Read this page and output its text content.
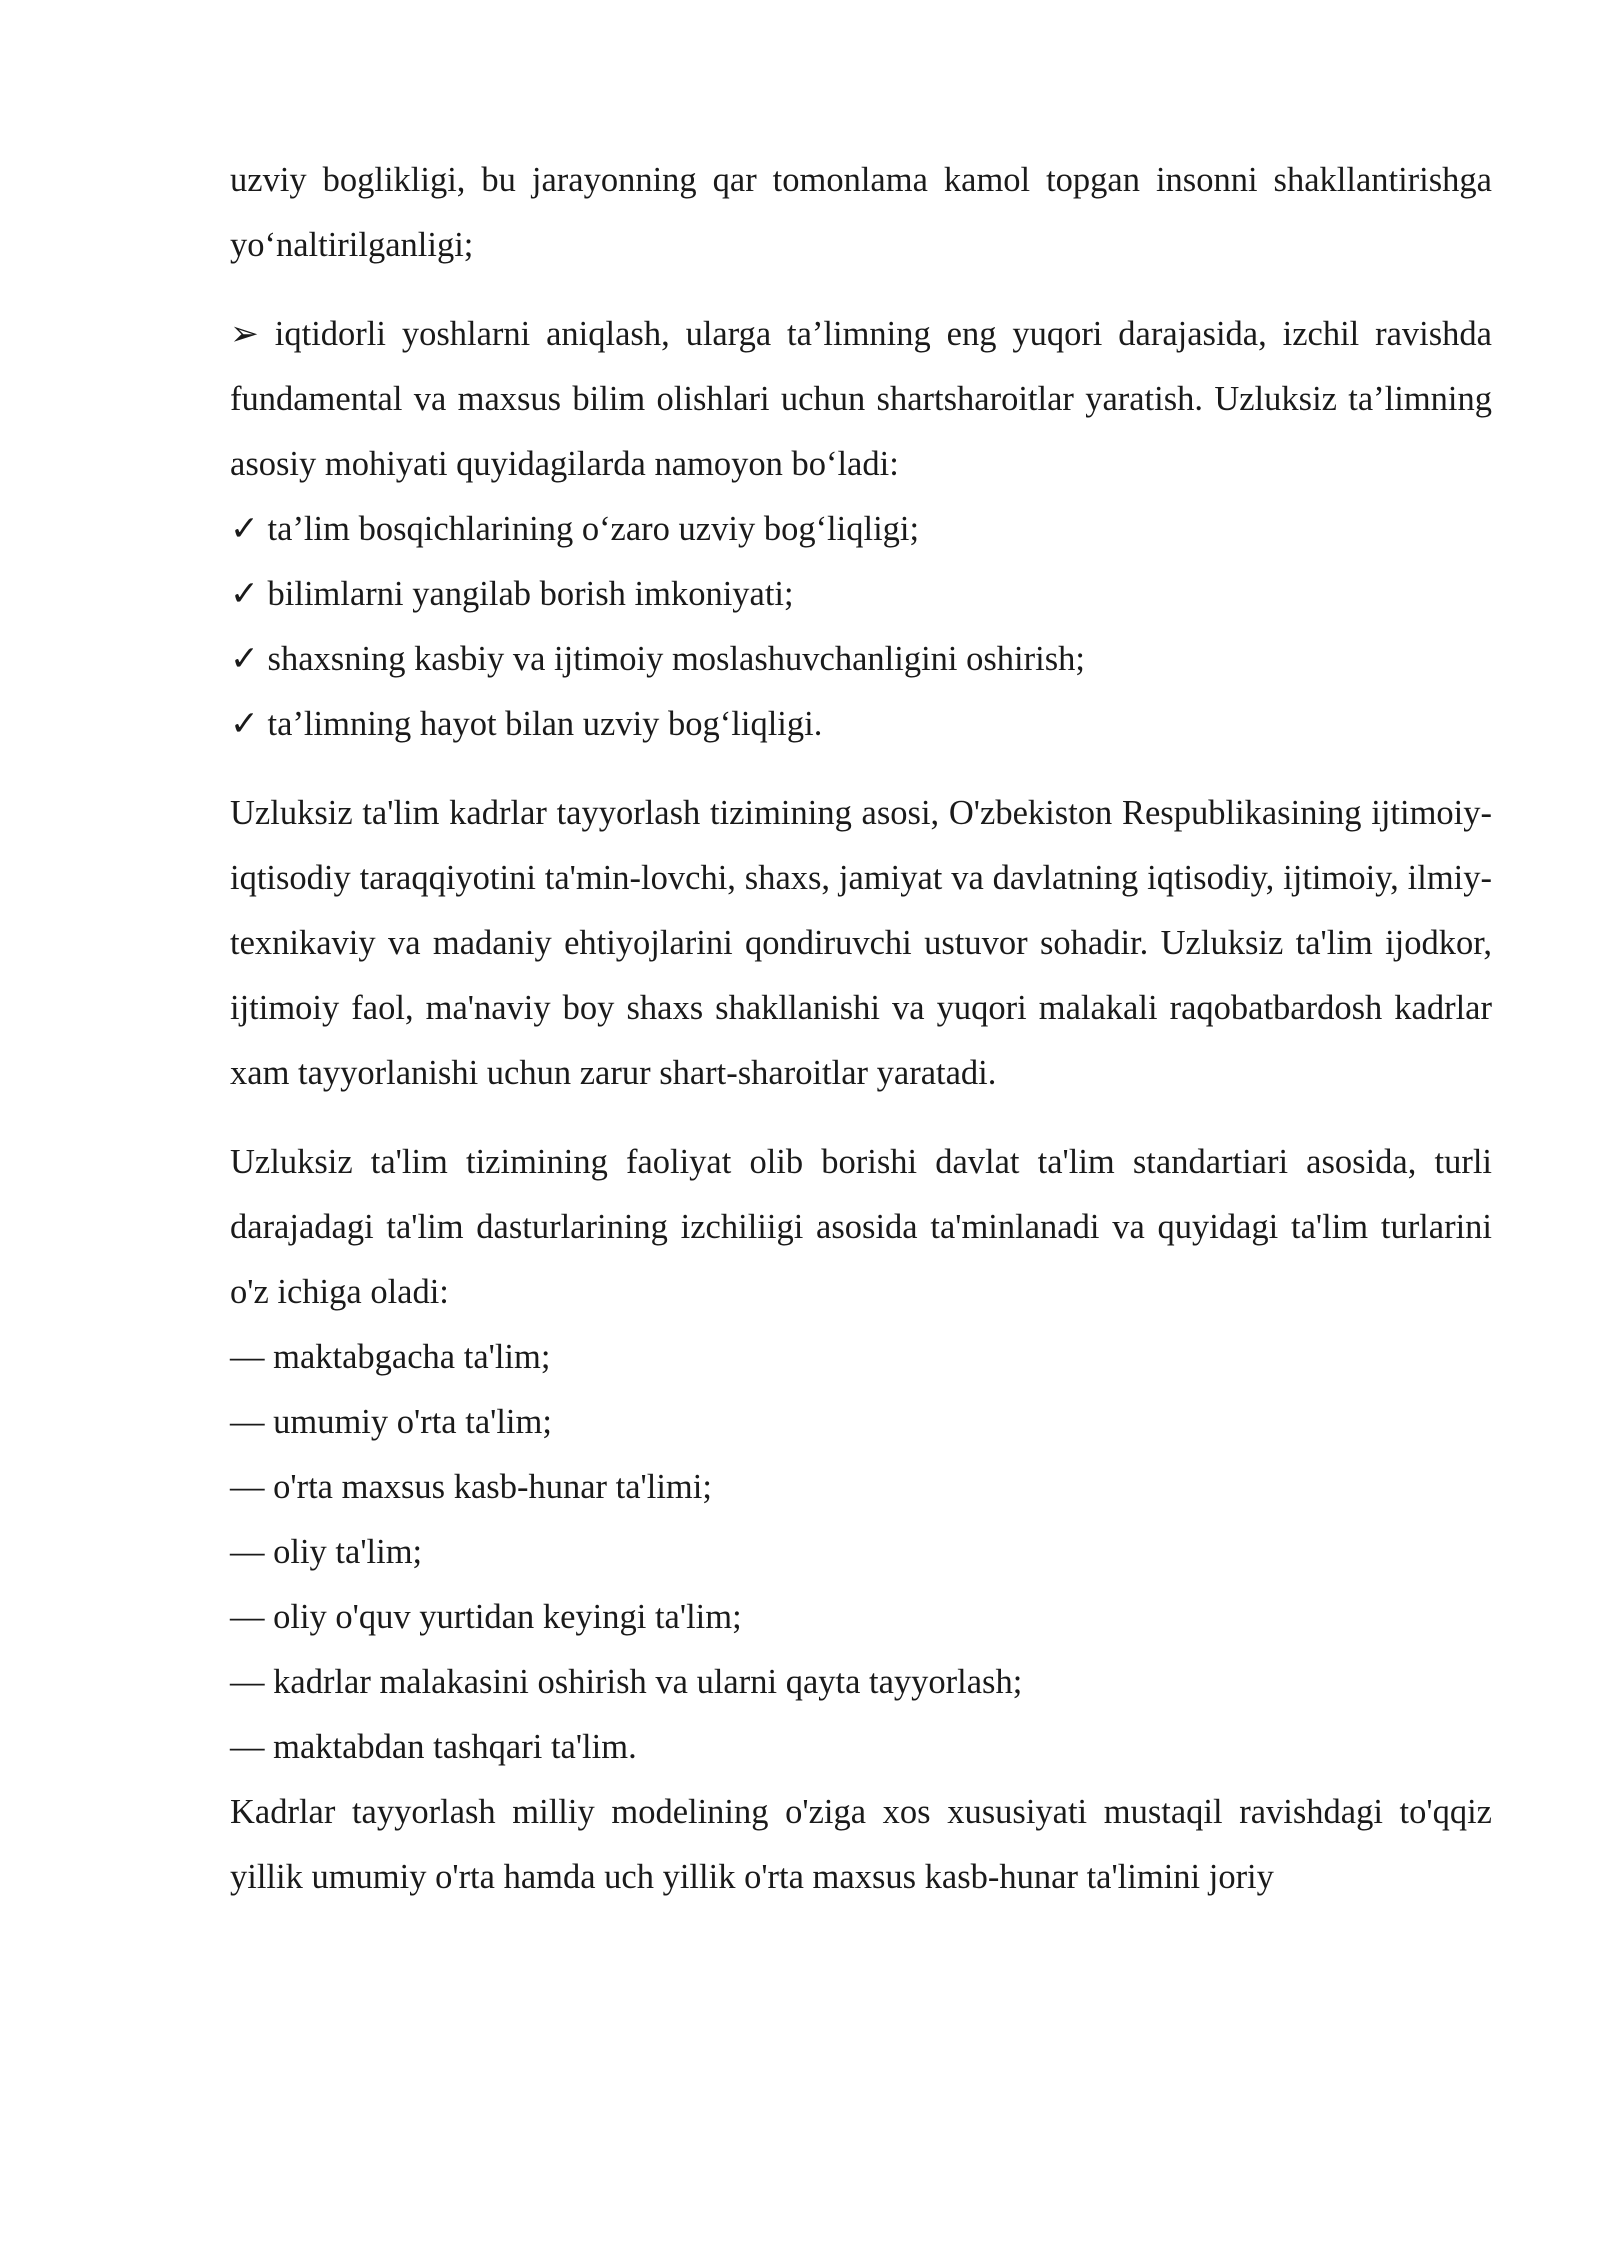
uzviy boglikligi, bu jarayonning qar tomonlama kamol topgan insonni shakllantirishga yo‘naltirilganligi;

➢ iqtidorli yoshlarni aniqlash, ularga ta’limning eng yuqori darajasida, izchil ravishda fundamental va maxsus bilim olishlari uchun shartsharoitlar yaratish. Uzluksiz ta’limning asosiy mohiyati quyidagilarda namoyon bo‘ladi:

✓ ta’lim bosqichlarining o‘zaro uzviy bog‘liqligi;

✓ bilimlarni yangilab borish imkoniyati;

✓ shaxsning kasbiy va ijtimoiy moslashuvchanligini oshirish;

✓ ta’limning hayot bilan uzviy bog‘liqligi.

Uzluksiz ta'lim kadrlar tayyorlash tizimining asosi, O'zbekiston Respublikasining ijtimoiy-iqtisodiy taraqqiyotini ta'min-lovchi, shaxs, jamiyat va davlatning iqtisodiy, ijtimoiy, ilmiy-texnikaviy va madaniy ehtiyojlarini qondiruvchi ustuvor sohadir. Uzluksiz ta'lim ijodkor, ijtimoiy faol, ma'naviy boy shaxs shakllanishi va yuqori malakali raqobatbardosh kadrlar xam tayyorlanishi uchun zarur shart-sharoitlar yaratadi.

Uzluksiz ta'lim tizimining faoliyat olib borishi davlat ta'lim standartiari asosida, turli darajadagi ta'lim dasturlarining izchiliigi asosida ta'minlanadi va quyidagi ta'lim turlarini o'z ichiga oladi:

— maktabgacha ta'lim;

— umumiy o'rta ta'lim;

— o'rta maxsus kasb-hunar ta'limi;

— oliy ta'lim;

— oliy o'quv yurtidan keyingi ta'lim;

— kadrlar malakasini oshirish va ularni qayta tayyorlash;

— maktabdan tashqari ta'lim.

Kadrlar tayyorlash milliy modelining o'ziga xos xususiyati mustaqil ravishdagi to'qqiz yillik umumiy o'rta hamda uch yillik o'rta maxsus kasb-hunar ta'limini joriy
